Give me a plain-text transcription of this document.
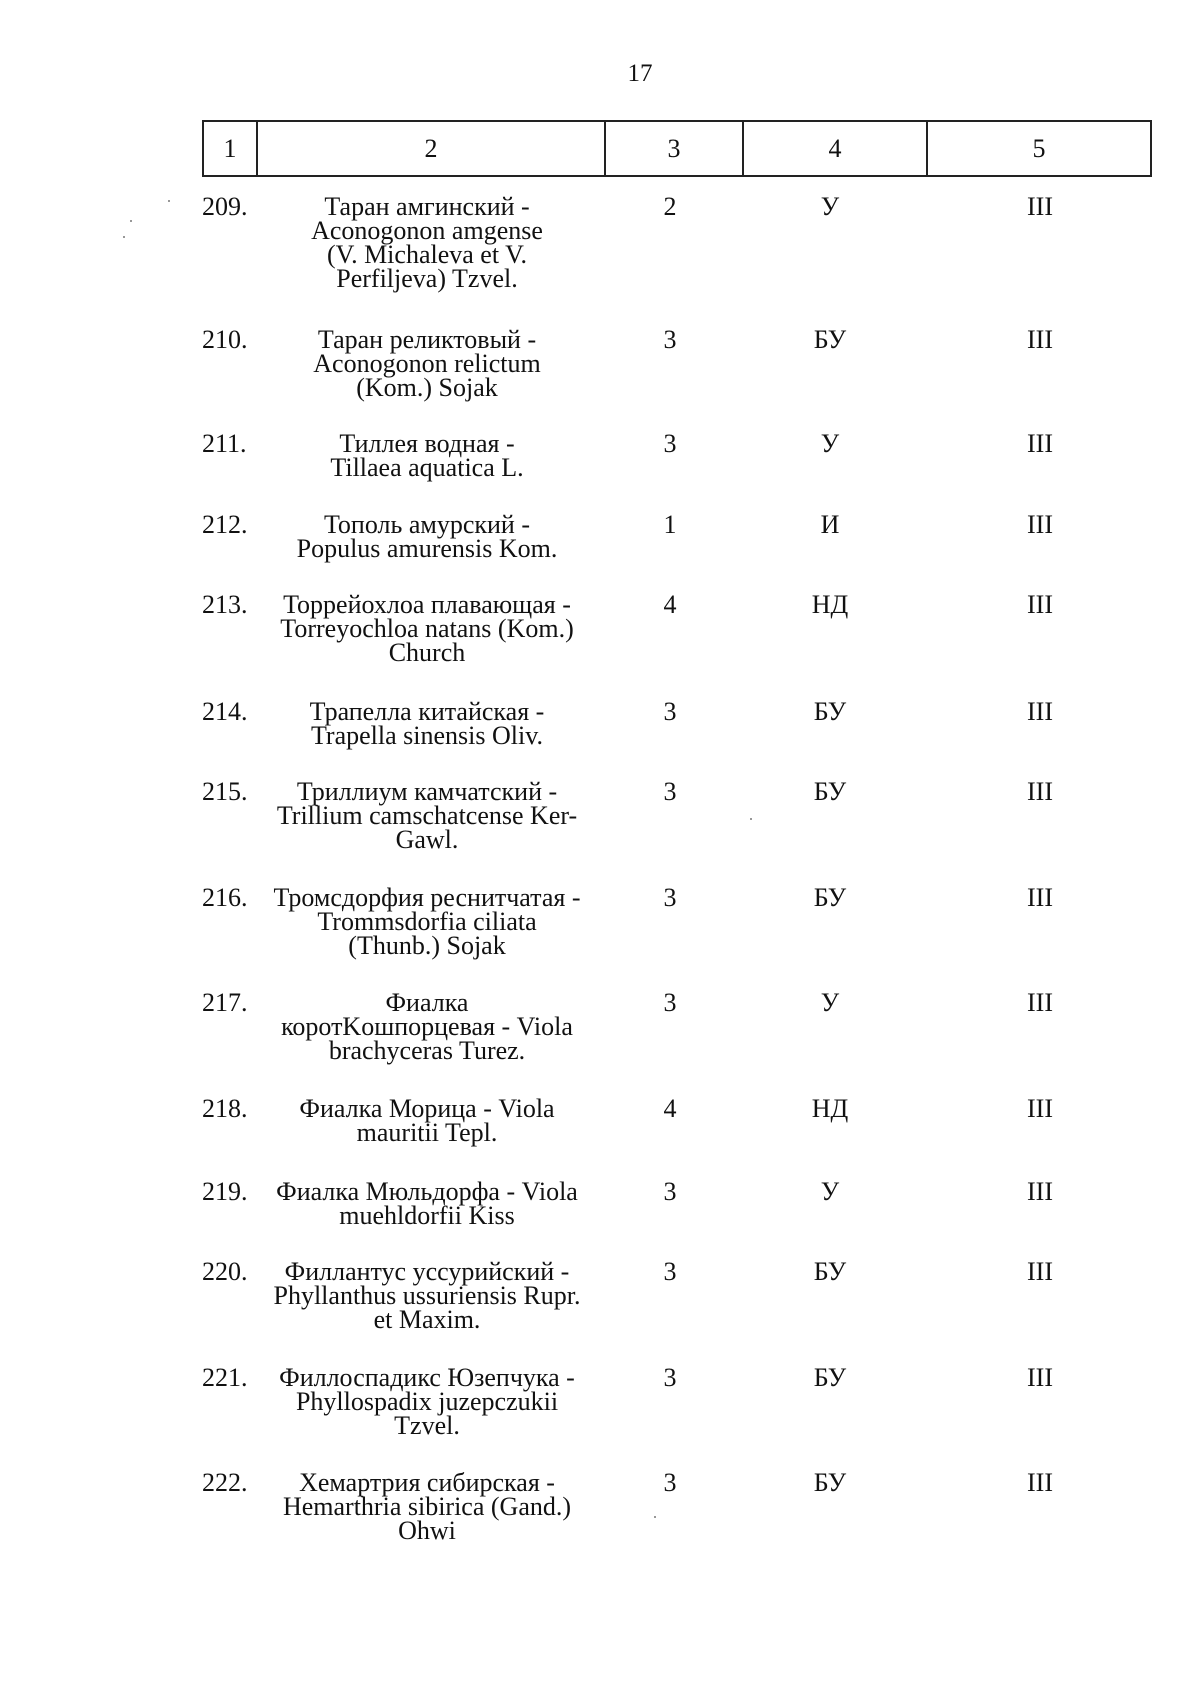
17
1	2	3	4	5
209.	Таран амгинский -
Aconogonon amgense
(V. Michaleva et V.
Perfiljeva) Tzvel.
2	У	III
210.	Таран реликтовый -
Aconogonon relictum
(Kom.) Sojak
3	БУ	III
211.	Тиллея водная -
Tillaea aquatica L.
3	У	III
212.	Тополь амурский -
Populus amurensis Kom.
1	И	III
213.	Торрейохлоа плавающая -
Torreyochloa natans (Kom.)
Church
4	НД	III
214.	Трапелла китайская -
Trapella sinensis Oliv.
3	БУ	III
215.	Триллиум камчатский -
Trillium camschatcense Ker-
Gawl.
3	БУ	III
216. Тромсдорфия реснитчатая -
Trommsdorfia ciliata
(Thunb.) Sojak
3	БУ	III
217.	Фиалка
коротKошпорцевая - Viola
brachyceras Turez.
3	У	III
218.	Фиалка Морица - Viola
mauritii Tepl.
4	НД	III
219.	Фиалка Мюльдорфа - Viola
muehldorfii Kiss
3	У	III
220.	Филлантус уссурийский -
Phyllanthus ussuriensis Rupr.
et Maxim.
3	БУ	III
221.	Филлоспадикс Юзепчука -
Phyllospadix juzepczukii
Tzvel.
3	БУ	III
222.	Хемартрия сибирская -
Hemarthria sibirica (Gand.)
Ohwi
3	БУ	III
